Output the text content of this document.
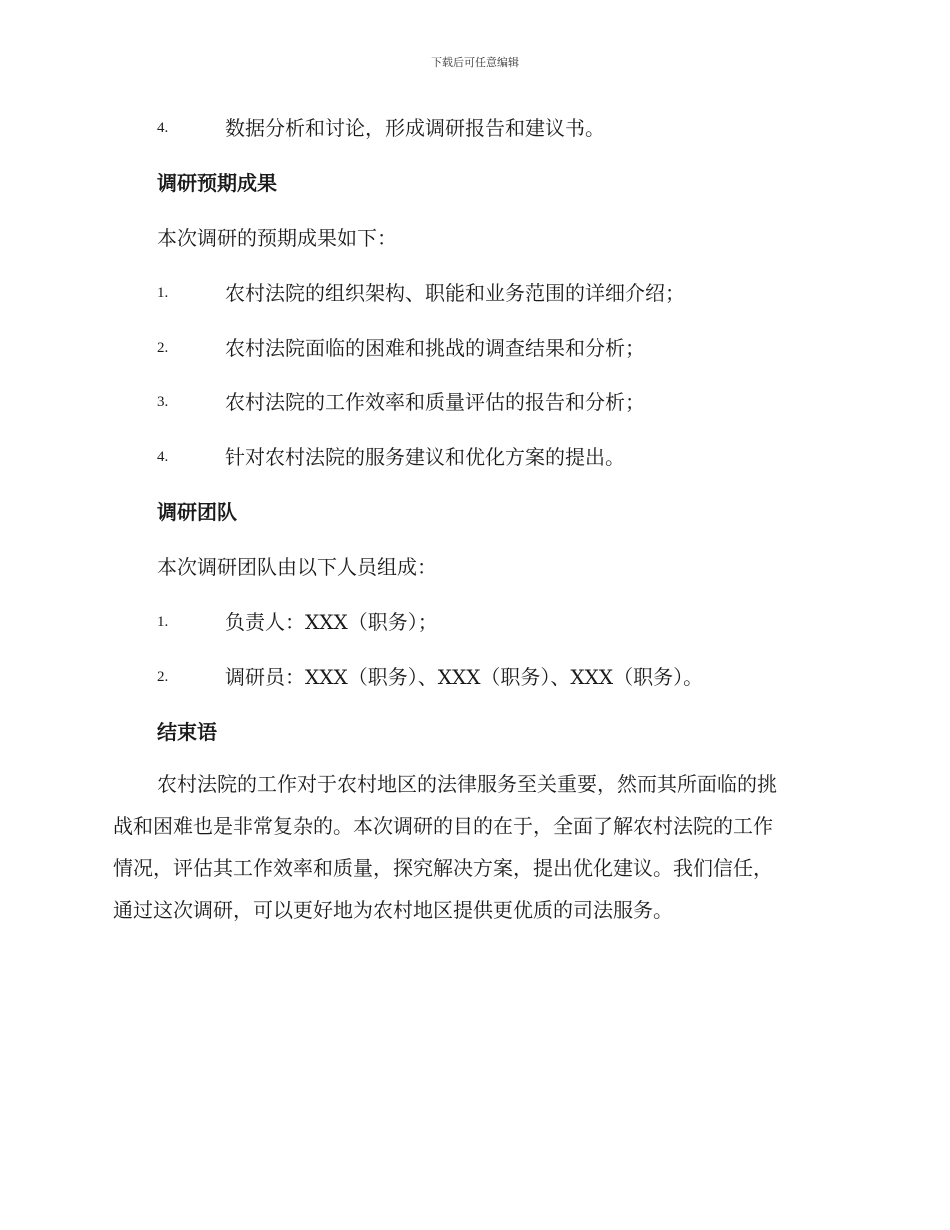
下载后可任意编辑
4.	数据分析和讨论，形成调研报告和建议书。
调研预期成果
本次调研的预期成果如下：
1.	农村法院的组织架构、职能和业务范围的详细介绍；
2.	农村法院面临的困难和挑战的调查结果和分析；
3.	农村法院的工作效率和质量评估的报告和分析；
4.	针对农村法院的服务建议和优化方案的提出。
调研团队
本次调研团队由以下人员组成：
1.	负责人：XXX（职务）；
2.	调研员：XXX（职务）、XXX（职务）、XXX（职务）。
结束语
农村法院的工作对于农村地区的法律服务至关重要，然而其所面临的挑
战和困难也是非常复杂的。本次调研的目的在于，全面了解农村法院的工作
情况，评估其工作效率和质量，探究解决方案，提出优化建议。我们信任，
通过这次调研，可以更好地为农村地区提供更优质的司法服务。
